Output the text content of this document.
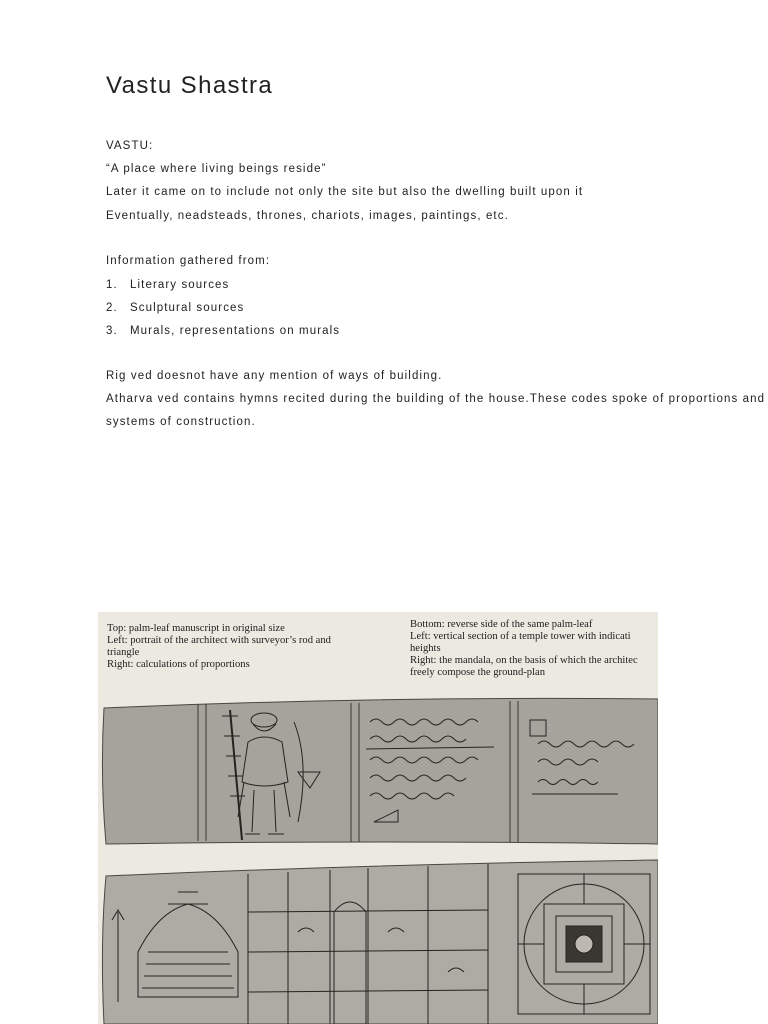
Vastu Shastra
VASTU:
“A place where living beings reside”
Later it came on to include not only the site but also the dwelling built upon it
Eventually, neadsteads, thrones, chariots, images, paintings, etc.
Information gathered from:
1. Literary sources
2. Sculptural sources
3. Murals, representations on murals
Rig ved doesnot have any mention of ways of building.
Atharva ved contains hymns recited during the building of the house.These codes spoke of proportions and
systems of construction.
Top: palm-leaf manuscript in original size
Left: portrait of the architect with surveyor’s rod and
triangle
Right: calculations of proportions
Bottom: reverse side of the same palm-leaf
Left: vertical section of a temple tower with indicati
heights
Right: the mandala, on the basis of which the architec
freely compose the ground-plan
